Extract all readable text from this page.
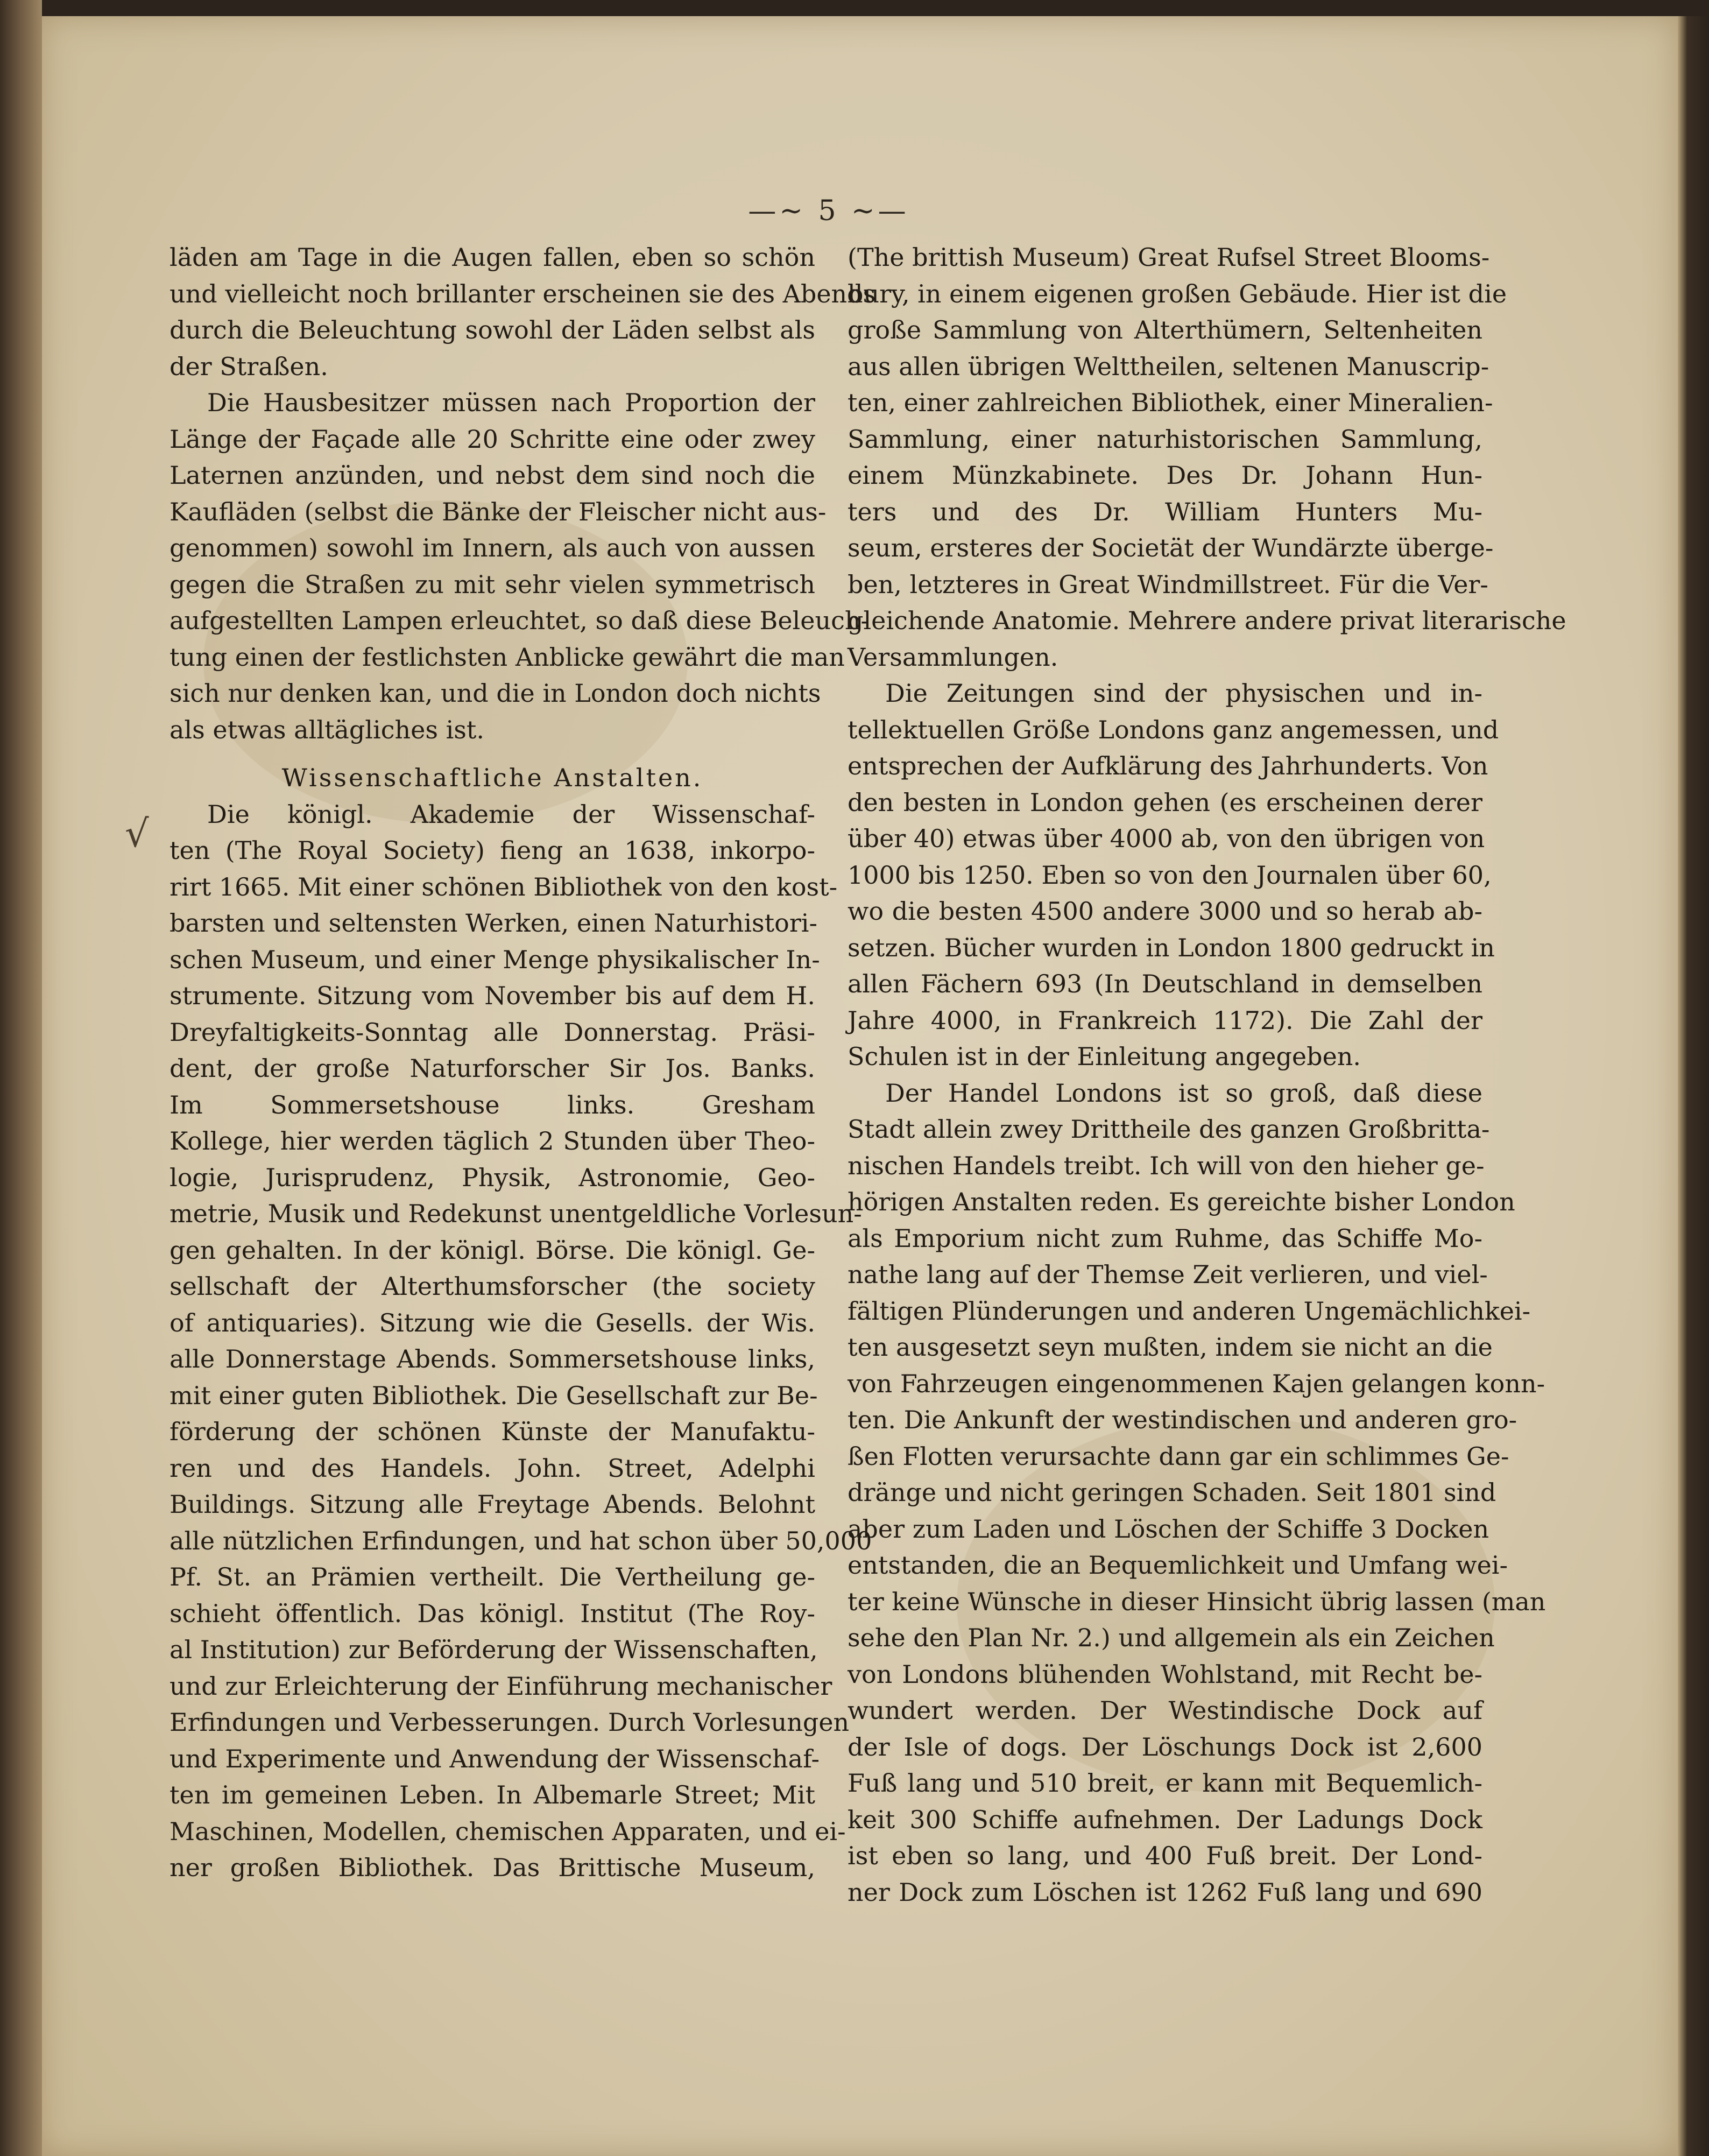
—~ 5 ~—
√

läden am Tage in die Augen fallen, eben so schön

und vielleicht noch brillanter erscheinen sie des Abends

durch die Beleuchtung sowohl der Läden selbst als

der Straßen.

Die Hausbesitzer müssen nach Proportion der

Länge der Façade alle 20 Schritte eine oder zwey

Laternen anzünden, und nebst dem sind noch die

Kaufläden (selbst die Bänke der Fleischer nicht aus-

genommen) sowohl im Innern, als auch von aussen

gegen die Straßen zu mit sehr vielen symmetrisch

aufgestellten Lampen erleuchtet, so daß diese Beleuch-

tung einen der festlichsten Anblicke gewährt die man

sich nur denken kan, und die in London doch nichts

als etwas alltägliches ist.

Wissenschaftliche Anstalten.

Die königl. Akademie der Wissenschaf-

ten (The Royal Society) fieng an 1638, inkorpo-

rirt 1665. Mit einer schönen Bibliothek von den kost-

barsten und seltensten Werken, einen Naturhistori-

schen Museum, und einer Menge physikalischer In-

strumente. Sitzung vom November bis auf dem H.

Dreyfaltigkeits-Sonntag alle Donnerstag. Präsi-

dent, der große Naturforscher Sir Jos. Banks.

Im Sommersetshouse links. Gresham

Kollege, hier werden täglich 2 Stunden über Theo-

logie, Jurisprudenz, Physik, Astronomie, Geo-

metrie, Musik und Redekunst unentgeldliche Vorlesun-

gen gehalten. In der königl. Börse. Die königl. Ge-

sellschaft der Alterthumsforscher (the society

of antiquaries). Sitzung wie die Gesells. der Wis.

alle Donnerstage Abends. Sommersetshouse links,

mit einer guten Bibliothek. Die Gesellschaft zur Be-

förderung der schönen Künste der Manufaktu-

ren und des Handels. John. Street, Adelphi

Buildings. Sitzung alle Freytage Abends. Belohnt

alle nützlichen Erfindungen, und hat schon über 50,000

Pf. St. an Prämien vertheilt. Die Vertheilung ge-

schieht öffentlich. Das königl. Institut (The Roy-

al Institution) zur Beförderung der Wissenschaften,

und zur Erleichterung der Einführung mechanischer

Erfindungen und Verbesserungen. Durch Vorlesungen

und Experimente und Anwendung der Wissenschaf-

ten im gemeinen Leben. In Albemarle Street; Mit

Maschinen, Modellen, chemischen Apparaten, und ei-

ner großen Bibliothek. Das Brittische Museum,

(The brittish Museum) Great Rufsel Street Blooms-

bury, in einem eigenen großen Gebäude. Hier ist die

große Sammlung von Alterthümern, Seltenheiten

aus allen übrigen Welttheilen, seltenen Manuscrip-

ten, einer zahlreichen Bibliothek, einer Mineralien-

Sammlung, einer naturhistorischen Sammlung,

einem Münzkabinete. Des Dr. Johann Hun-

ters und des Dr. William Hunters Mu-

seum, ersteres der Societät der Wundärzte überge-

ben, letzteres in Great Windmillstreet. Für die Ver-

gleichende Anatomie. Mehrere andere privat literarische

Versammlungen.

Die Zeitungen sind der physischen und in-

tellektuellen Größe Londons ganz angemessen, und

entsprechen der Aufklärung des Jahrhunderts. Von

den besten in London gehen (es erscheinen derer

über 40) etwas über 4000 ab, von den übrigen von

1000 bis 1250. Eben so von den Journalen über 60,

wo die besten 4500 andere 3000 und so herab ab-

setzen. Bücher wurden in London 1800 gedruckt in

allen Fächern 693 (In Deutschland in demselben

Jahre 4000, in Frankreich 1172). Die Zahl der

Schulen ist in der Einleitung angegeben.

Der Handel Londons ist so groß, daß diese

Stadt allein zwey Drittheile des ganzen Großbritta-

nischen Handels treibt. Ich will von den hieher ge-

hörigen Anstalten reden. Es gereichte bisher London

als Emporium nicht zum Ruhme, das Schiffe Mo-

nathe lang auf der Themse Zeit verlieren, und viel-

fältigen Plünderungen und anderen Ungemächlichkei-

ten ausgesetzt seyn mußten, indem sie nicht an die

von Fahrzeugen eingenommenen Kajen gelangen konn-

ten. Die Ankunft der westindischen und anderen gro-

ßen Flotten verursachte dann gar ein schlimmes Ge-

dränge und nicht geringen Schaden. Seit 1801 sind

aber zum Laden und Löschen der Schiffe 3 Docken

entstanden, die an Bequemlichkeit und Umfang wei-

ter keine Wünsche in dieser Hinsicht übrig lassen (man

sehe den Plan Nr. 2.) und allgemein als ein Zeichen

von Londons blühenden Wohlstand, mit Recht be-

wundert werden. Der Westindische Dock auf

der Isle of dogs. Der Löschungs Dock ist 2,600

Fuß lang und 510 breit, er kann mit Bequemlich-

keit 300 Schiffe aufnehmen. Der Ladungs Dock

ist eben so lang, und 400 Fuß breit. Der Lond-

ner Dock zum Löschen ist 1262 Fuß lang und 690
